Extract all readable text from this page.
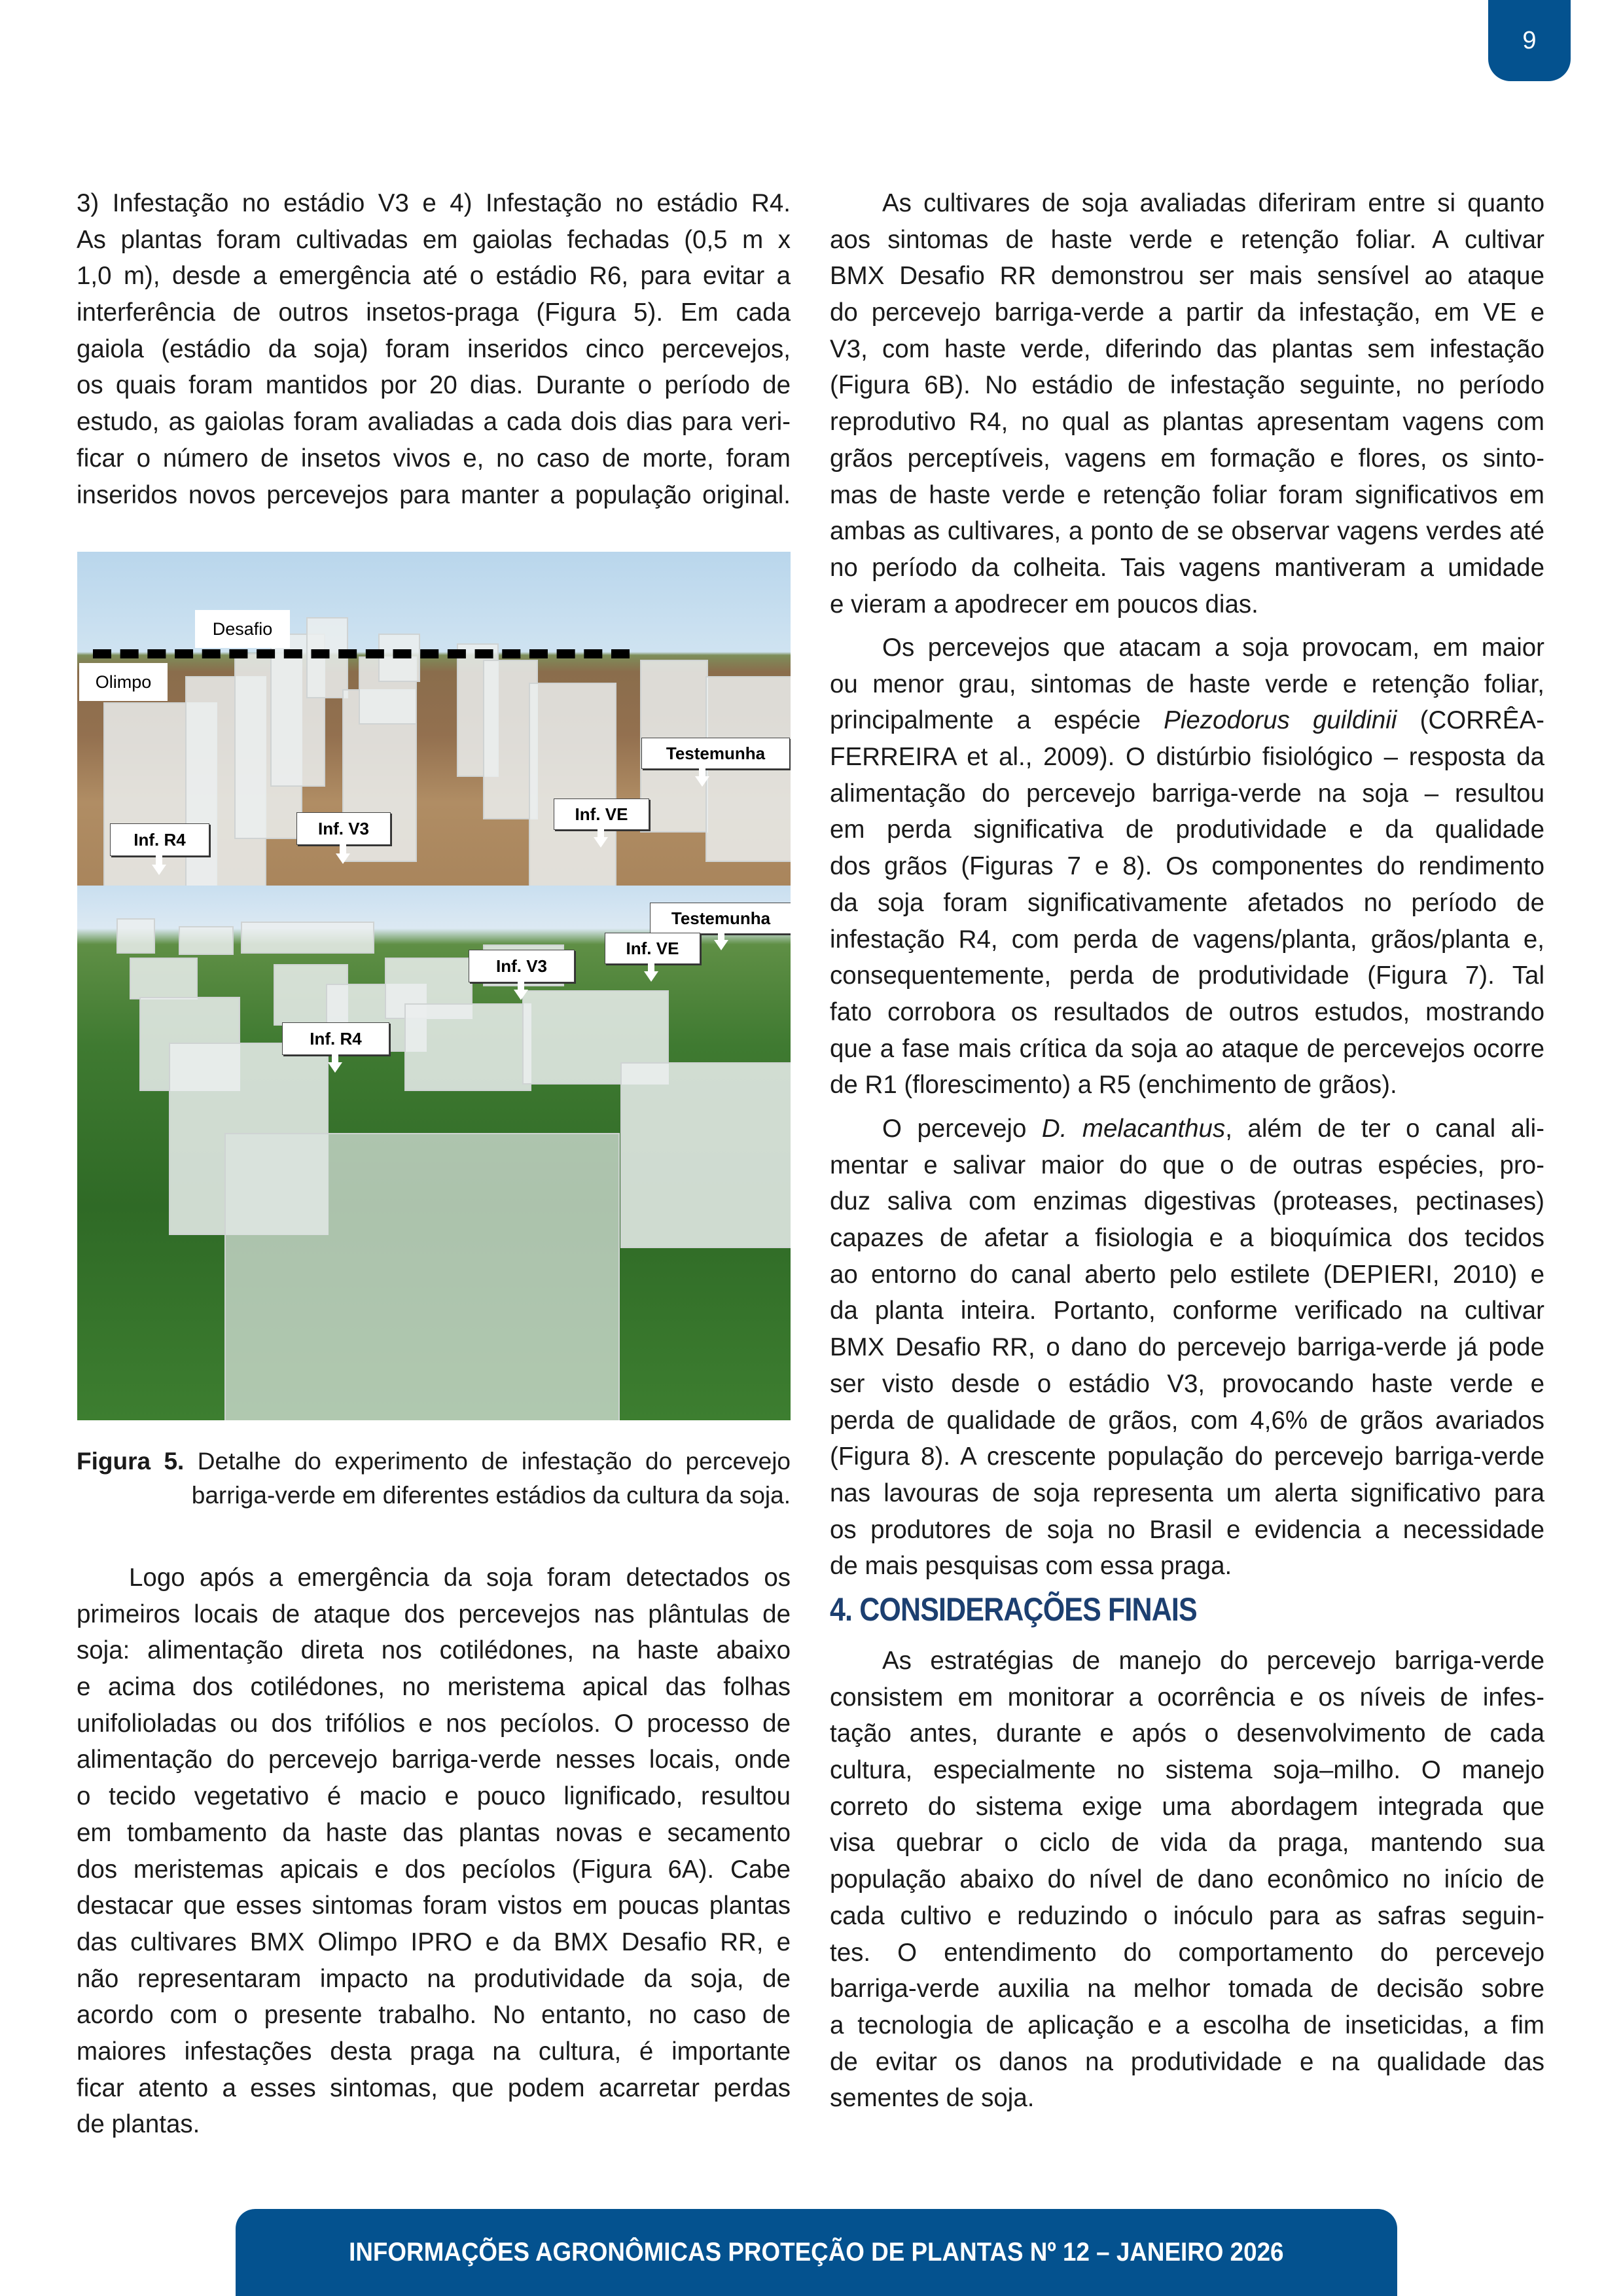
9
3) Infestação no estádio V3 e 4) Infestação no estádio R4.
As plantas foram cultivadas em gaiolas fechadas (0,5 m x
1,0 m), desde a emergência até o estádio R6, para evitar a
interferência de outros insetos-praga (Figura 5). Em cada
gaiola (estádio da soja) foram inseridos cinco percevejos,
os quais foram mantidos por 20 dias. Durante o período de
estudo, as gaiolas foram avaliadas a cada dois dias para veri-
ficar o número de insetos vivos e, no caso de morte, foram
inseridos novos percevejos para manter a população original.
Logo após a emergência da soja foram detectados os
primeiros locais de ataque dos percevejos nas plântulas de
soja: alimentação direta nos cotilédones, na haste abaixo
e acima dos cotilédones, no meristema apical das folhas
unifolioladas ou dos trifólios e nos pecíolos. O processo de
alimentação do percevejo barriga-verde nesses locais, onde
o tecido vegetativo é macio e pouco lignificado, resultou
em tombamento da haste das plantas novas e secamento
dos meristemas apicais e dos pecíolos (Figura 6A). Cabe
destacar que esses sintomas foram vistos em poucas plantas
das cultivares BMX Olimpo IPRO e da BMX Desafio RR, e
não representaram impacto na produtividade da soja, de
acordo com o presente trabalho. No entanto, no caso de
maiores infestações desta praga na cultura, é importante
ficar atento a esses sintomas, que podem acarretar perdas
de plantas.
Desafio
Olimpo
Testemunha
Inf. VE
Inf. V3
Inf. R4
Testemunha
Inf. VE
Inf. V3
Inf. R4
Figura 5. Detalhe do experimento de infestação do percevejo
barriga-verde em diferentes estádios da cultura da soja.
As cultivares de soja avaliadas diferiram entre si quanto
aos sintomas de haste verde e retenção foliar. A cultivar
BMX Desafio RR demonstrou ser mais sensível ao ataque
do percevejo barriga-verde a partir da infestação, em VE e
V3, com haste verde, diferindo das plantas sem infestação
(Figura 6B). No estádio de infestação seguinte, no período
reprodutivo R4, no qual as plantas apresentam vagens com
grãos perceptíveis, vagens em formação e flores, os sinto-
mas de haste verde e retenção foliar foram significativos em
ambas as cultivares, a ponto de se observar vagens verdes até
no período da colheita. Tais vagens mantiveram a umidade
e vieram a apodrecer em poucos dias.
Os percevejos que atacam a soja provocam, em maior
ou menor grau, sintomas de haste verde e retenção foliar,
principalmente a espécie Piezodorus guildinii (CORRÊA-
FERREIRA et al., 2009). O distúrbio fisiológico – resposta da
alimentação do percevejo barriga-verde na soja – resultou
em perda significativa de produtividade e da qualidade
dos grãos (Figuras 7 e 8). Os componentes do rendimento
da soja foram significativamente afetados no período de
infestação R4, com perda de vagens/planta, grãos/planta e,
consequentemente, perda de produtividade (Figura 7). Tal
fato corrobora os resultados de outros estudos, mostrando
que a fase mais crítica da soja ao ataque de percevejos ocorre
de R1 (florescimento) a R5 (enchimento de grãos).
O percevejo D. melacanthus, além de ter o canal ali-
mentar e salivar maior do que o de outras espécies, pro-
duz saliva com enzimas digestivas (proteases, pectinases)
capazes de afetar a fisiologia e a bioquímica dos tecidos
ao entorno do canal aberto pelo estilete (DEPIERI, 2010) e
da planta inteira. Portanto, conforme verificado na cultivar
BMX Desafio RR, o dano do percevejo barriga-verde já pode
ser visto desde o estádio V3, provocando haste verde e
perda de qualidade de grãos, com 4,6% de grãos avariados
(Figura 8). A crescente população do percevejo barriga-verde
nas lavouras de soja representa um alerta significativo para
os produtores de soja no Brasil e evidencia a necessidade
de mais pesquisas com essa praga.
As estratégias de manejo do percevejo barriga-verde
consistem em monitorar a ocorrência e os níveis de infes-
tação antes, durante e após o desenvolvimento de cada
cultura, especialmente no sistema soja–milho. O manejo
correto do sistema exige uma abordagem integrada que
visa quebrar o ciclo de vida da praga, mantendo sua
população abaixo do nível de dano econômico no início de
cada cultivo e reduzindo o inóculo para as safras seguin-
tes. O entendimento do comportamento do percevejo
barriga-verde auxilia na melhor tomada de decisão sobre
a tecnologia de aplicação e a escolha de inseticidas, a fim
de evitar os danos na produtividade e na qualidade das
sementes de soja.
4. CONSIDERAÇÕES FINAIS
INFORMAÇÕES AGRONÔMICAS PROTEÇÃO DE PLANTAS Nº 12 – JANEIRO 2026
